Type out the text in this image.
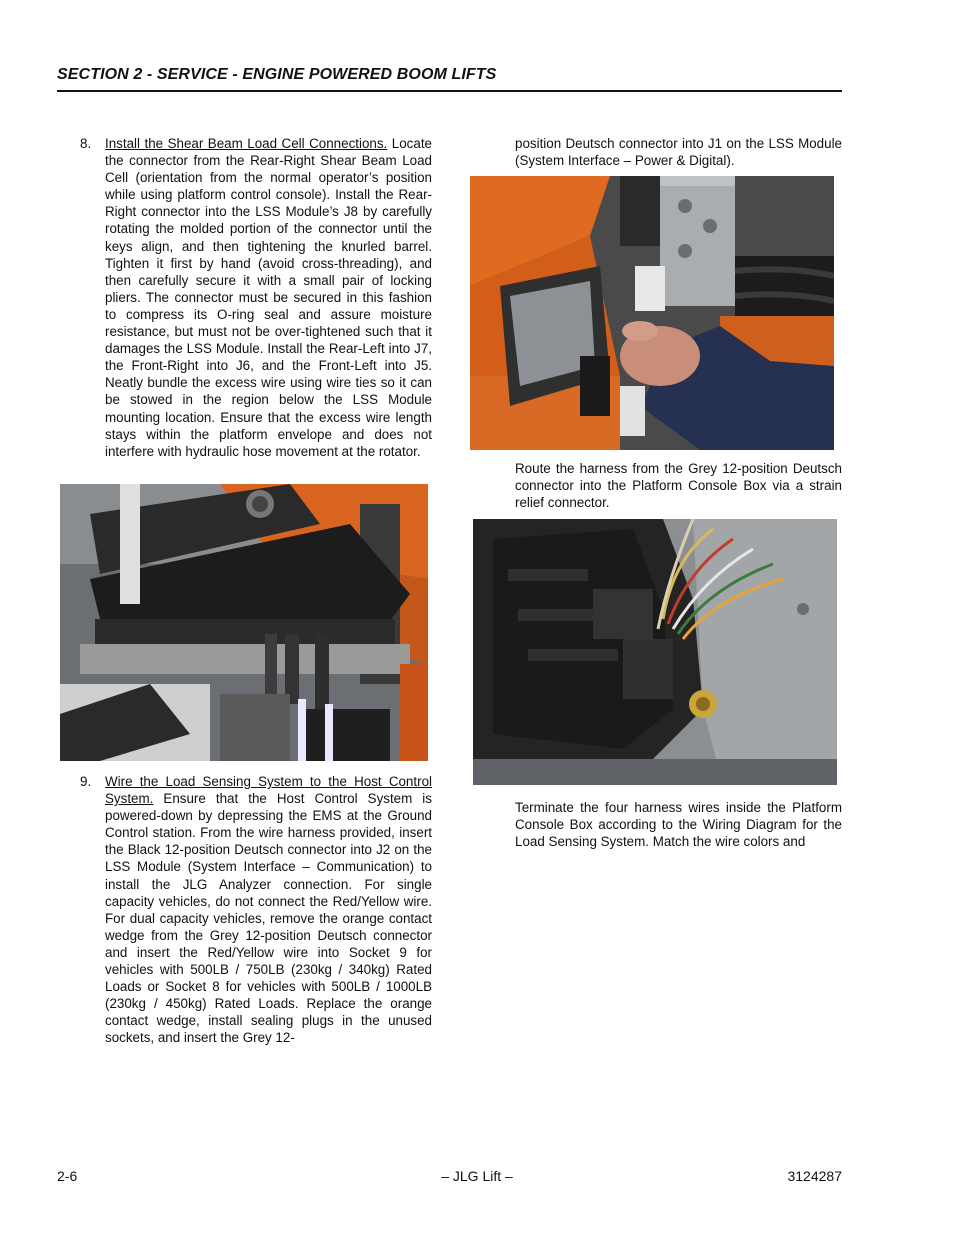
SECTION 2 - SERVICE - ENGINE POWERED BOOM LIFTS
8.	Install the Shear Beam Load Cell Connections. Locate the connector from the Rear-Right Shear Beam Load Cell (orientation from the normal operator’s position while using platform control console). Install the Rear-Right connector into the LSS Module’s J8 by carefully rotating the molded portion of the connector until the keys align, and then tightening the knurled barrel. Tighten it first by hand (avoid cross-threading), and then carefully secure it with a small pair of locking pliers. The connector must be secured in this fashion to compress its O-ring seal and assure moisture resistance, but must not be over-tightened such that it damages the LSS Module. Install the Rear-Left into J7, the Front-Right into J6, and the Front-Left into J5. Neatly bundle the excess wire using wire ties so it can be stowed in the region below the LSS Module mounting location. Ensure that the excess wire length stays within the platform envelope and does not interfere with hydraulic hose movement at the rotator.
9.	Wire the Load Sensing System to the Host Control System. Ensure that the Host Control System is powered-down by depressing the EMS at the Ground Control station. From the wire harness provided, insert the Black 12-position Deutsch connector into J2 on the LSS Module (System Interface – Communication) to install the JLG Analyzer connection. For single capacity vehicles, do not connect the Red/Yellow wire. For dual capacity vehicles, remove the orange contact wedge from the Grey 12-position Deutsch connector and insert the Red/Yellow wire into Socket 9 for vehicles with 500LB / 750LB (230kg / 340kg) Rated Loads or Socket 8 for vehicles with 500LB / 1000LB (230kg / 450kg) Rated Loads. Replace the orange contact wedge, install sealing plugs in the unused sockets, and insert the Grey 12-
position Deutsch connector into J1 on the LSS Module (System Interface – Power & Digital).
Route the harness from the Grey 12-position Deutsch connector into the Platform Console Box via a strain relief connector.
Terminate the four harness wires inside the Platform Console Box according to the Wiring Diagram for the Load Sensing System. Match the wire colors and
2-6	– JLG Lift –	3124287
